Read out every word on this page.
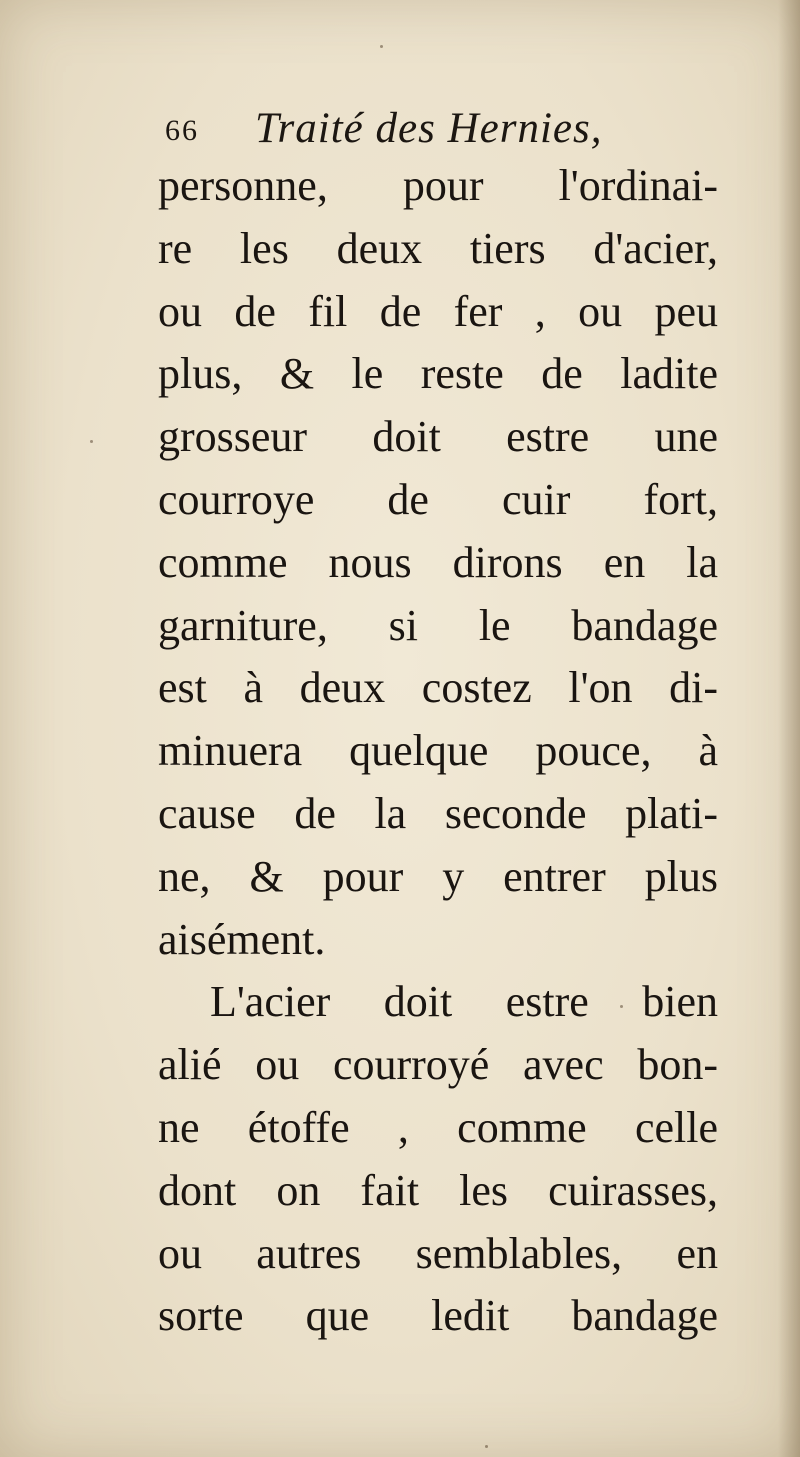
66 Traité des Hernies,
personne, pour l'ordinai-
re les deux tiers d'acier,
ou de fil de fer , ou peu
plus, & le reste de ladite
grosseur doit estre une
courroye de cuir fort,
comme nous dirons en la
garniture, si le bandage
est à deux costez l'on di-
minuera quelque pouce, à
cause de la seconde plati-
ne, & pour y entrer plus
aisément.
L'acier doit estre bien
alié ou courroyé avec bon-
ne étoffe , comme celle
dont on fait les cuirasses,
ou autres semblables, en
sorte que ledit bandage
